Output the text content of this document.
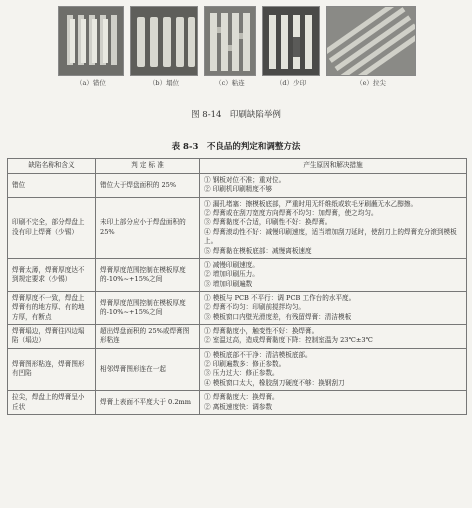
（a）错位	（b）塌位	（c）粘连	（d）少印	（e）拉尖
图 8-14　印刷缺陷举例
表 8-3　不良品的判定和调整方法
缺陷名称和含义	判 定 标 准	产生原因和解决措施
错位	错位大于焊盘面积的 25%	① 钢板对位不准；重对位。
② 印刷机印刷精度不够

印刷不完全，部分焊盘上没有印上焊膏（少锡）	未印上部分应小于焊盘面积的 25%	① 漏孔堵塞：擦模板底部，严重时用无纤维纸或软毛牙刷蘸无水乙醇擦。
② 焊膏或在刮刀宽度方向焊膏不均匀：加焊膏，使之均匀。
③ 焊膏黏度不合适，印刷性不好：换焊膏。
④ 焊膏滚动性不好：减慢印刷速度，适当增加刮刀延时，使刮刀上的焊膏充分滚到模板上。
⑤ 焊膏黏在模板底部：减慢离板速度

焊膏太薄，焊膏厚度达不到规定要求（少锡）	焊膏厚度范围控制在模板厚度的-10%~+15%之间	① 减慢印刷速度。
② 增加印刷压力。
③ 增加印刷遍数

焊膏厚度不一致，焊盘上焊膏有的地方厚、有的地方厚，有断点	焊膏厚度范围控制在模板厚度的-10%~+15%之间	① 模板与 PCB 不平行：调 PCB 工作台的水平度。
② 焊膏不均匀：印刷前搅拌均匀。
③ 模板窗口内壁光滑度差，有残留焊膏：清洁模板

焊膏塌边，焊膏往四边塌陷（塌边）	超出焊盘面积的 25%或焊膏图形粘连	① 焊膏黏度小，触变性不好：换焊膏。
② 室温过高，造成焊膏黏度下降：控制室温为 23℃±3℃

焊膏图形粘连，焊膏图形有凹陷	相邻焊膏图形连在一起	① 模板底部不干净：清洁模板底部。
② 印刷遍数多：修正参数。
③ 压力过大：修正参数。
④ 模板窗口太大，橡胶刮刀硬度不够：换钢刮刀

拉尖，焊盘上的焊膏呈小丘状	焊膏上表面不平度大于 0.2mm	① 焊膏黏度大：换焊膏。
② 离板速度快：调参数
